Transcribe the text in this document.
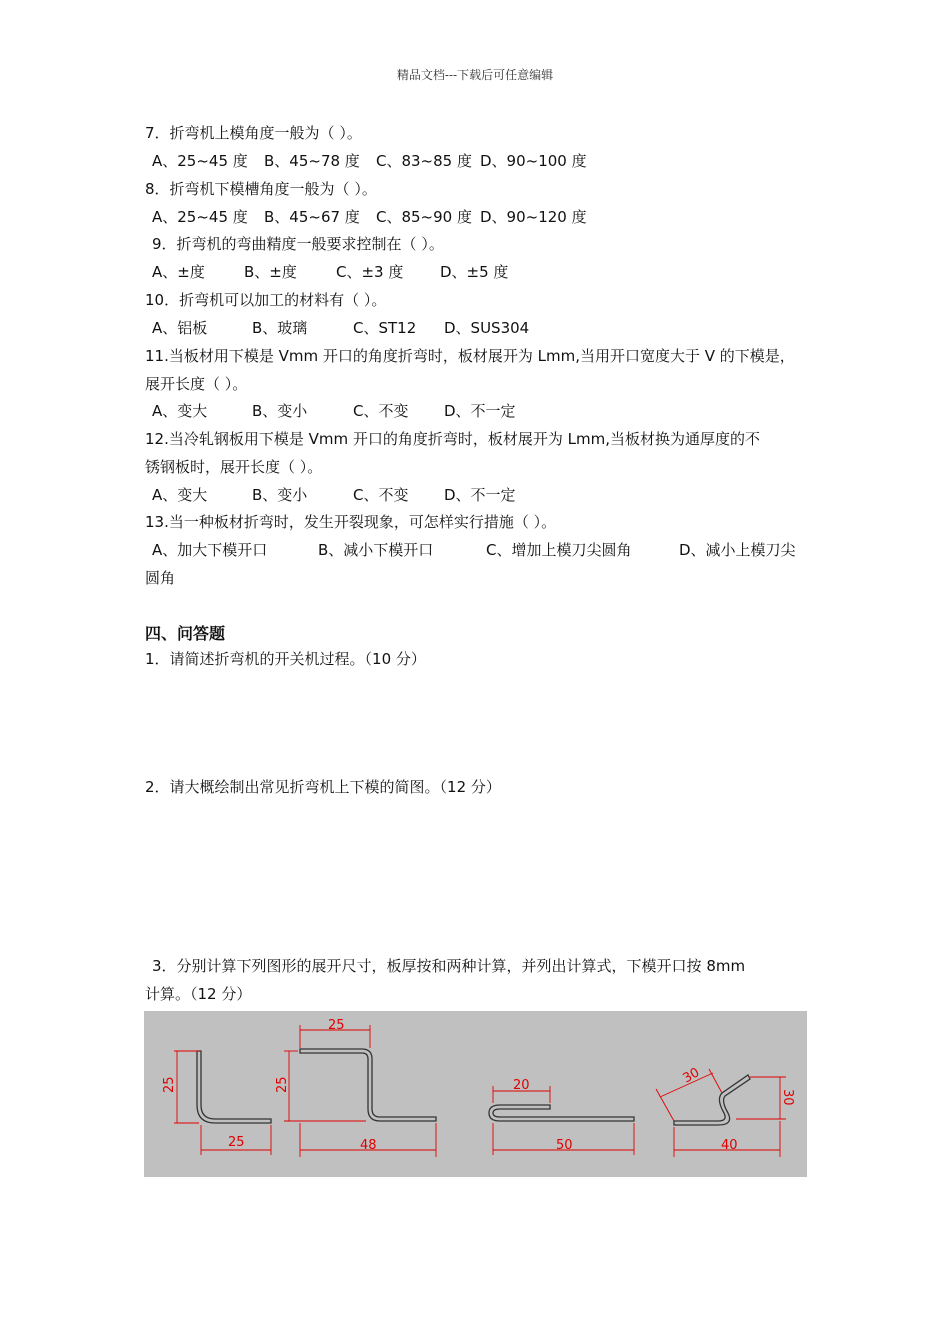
精品文档---下载后可任意编辑
7．折弯机上模角度一般为（ ）。
A、25~45 度 B、45~78 度 C、83~85 度 D、90~100 度
8．折弯机下模槽角度一般为（ ）。
A、25~45 度 B、45~67 度 C、85~90 度 D、90~120 度
9．折弯机的弯曲精度一般要求控制在（ ）。
A、±度	B、±度	C、±3 度 D、±5 度
10．折弯机可以加工的材料有（ ）。
A、铝板	B、玻璃	C、ST12 D、SUS304
11.当板材用下模是 Vmm 开口的角度折弯时，板材展开为 Lmm,当用开口宽度大于 V 的下模是，
展开长度（ ）。
A、变大	B、变小	C、不变 D、不一定
12.当冷轧钢板用下模是 Vmm 开口的角度折弯时，板材展开为 Lmm,当板材换为通厚度的不
锈钢板时，展开长度（ ）。
A、变大	B、变小	C、不变 D、不一定
13.当一种板材折弯时，发生开裂现象，可怎样实行措施（ ）。
A、加大下模开口	B、减小下模开口	C、增加上模刀尖圆角	D、减小上模刀尖
圆角
四、问答题
1．请简述折弯机的开关机过程。（10 分）
2．请大概绘制出常见折弯机上下模的简图。（12 分）
3．分别计算下列图形的展开尺寸，板厚按和两种计算，并列出计算式，下模开口按 8mm
计算。（12 分）
25
25
25
25
48
20
50
30
30
40
